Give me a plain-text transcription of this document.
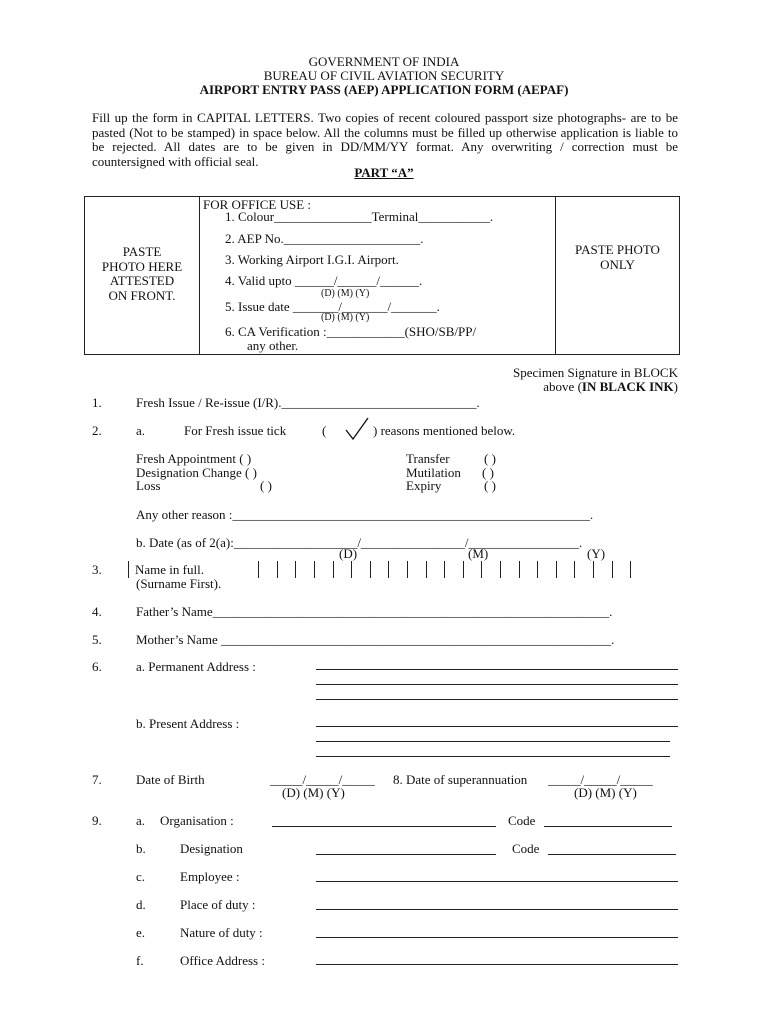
GOVERNMENT OF INDIA
BUREAU OF CIVIL AVIATION SECURITY
AIRPORT ENTRY PASS (AEP) APPLICATION FORM (AEPAF)
Fill up the form in CAPITAL LETTERS. Two copies of recent coloured passport size photographs- are to be pasted (Not to be stamped) in space below. All the columns must be filled up otherwise application is liable to be rejected. All dates are to be given in DD/MM/YY format. Any overwriting / correction must be countersigned with official seal.
PART “A”
PASTE
PHOTO HERE
ATTESTED
ON FRONT.
PASTE PHOTO
ONLY
FOR OFFICE USE :
1. Colour_______________Terminal___________.
2. AEP No._____________________.
3. Working Airport I.G.I. Airport.
4. Valid upto ______/______/______.
(D) (M) (Y)
5. Issue date _______/_______/_______.
(D) (M) (Y)
6. CA Verification :____________(SHO/SB/PP/
any other.
Specimen Signature in BLOCK
above (IN BLACK INK)
1.	Fresh Issue / Re-issue (I/R).______________________________.
2.	a.	For Fresh issue tick	(	) reasons mentioned below.
Fresh Appointment ( )
Designation Change ( )
Loss	( )
Transfer	( )
Mutilation ( )
Expiry	( )
Any other reason :_______________________________________________________.
b. Date (as of 2(a):___________________/________________/_________________.
(D)	(M)	(Y)
3.	Name in full.
(Surname First).
4.	Father’s Name_____________________________________________________________.
5.	Mother’s Name ____________________________________________________________.
6.	a. Permanent Address :
b. Present Address :
7.	Date of Birth	_____/_____/_____ 8. Date of superannuation _____/_____/_____
(D) (M) (Y)	(D) (M) (Y)
9.	a. Organisation :	Code
b.	Designation	Code
c.	Employee :
d.	Place of duty :
e.	Nature of duty :
f.	Office Address :
